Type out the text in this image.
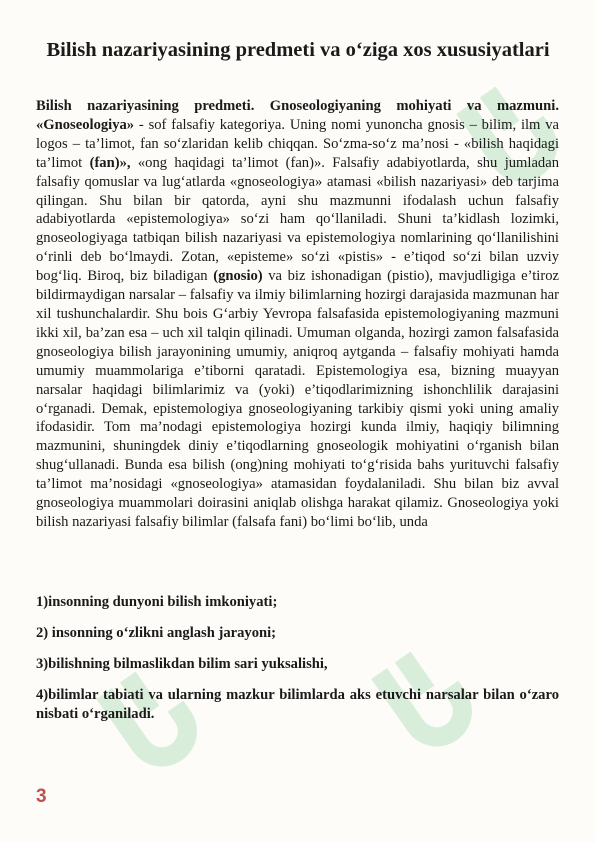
Bilish nazariyasining predmeti va o‘ziga xos xususiyatlari

Bilish nazariyasining predmeti. Gnoseologiyaning mohiyati va mazmuni. «Gnoseologiya» - sof falsafiy kategoriya. Uning nomi yunoncha gnosis – bilim, ilm va logos – ta’limot, fan so‘zlaridan kelib chiqqan. So‘zma-so‘z ma’nosi - «bilish haqidagi ta’limot (fan)», «ong haqidagi ta’limot (fan)». Falsafiy adabiyotlarda, shu jumladan falsafiy qomuslar va lug‘atlarda «gnoseologiya» atamasi «bilish nazariyasi» deb tarjima qilingan. Shu bilan bir qatorda, ayni shu mazmunni ifodalash uchun falsafiy adabiyotlarda «epistemologiya» so‘zi ham qo‘llaniladi. Shuni ta’kidlash lozimki, gnoseologiyaga tatbiqan bilish nazariyasi va epistemologiya nomlarining qo‘llanilishini o‘rinli deb bo‘lmaydi. Zotan, «episteme» so‘zi «pistis» - e’tiqod so‘zi bilan uzviy bog‘liq. Biroq, biz biladigan (gnosio) va biz ishonadigan (pistio), mavjudligiga e’tiroz bildirmaydigan narsalar – falsafiy va ilmiy bilimlarning hozirgi darajasida mazmunan har xil tushunchalardir. Shu bois G‘arbiy Yevropa falsafasida epistemologiyaning mazmuni ikki xil, ba’zan esa – uch xil talqin qilinadi. Umuman olganda, hozirgi zamon falsafasida gnoseologiya bilish jarayonining umumiy, aniqroq aytganda – falsafiy mohiyati hamda umumiy muammolariga e’tiborni qaratadi. Epistemologiya esa, bizning muayyan narsalar haqidagi bilimlarimiz va (yoki) e’tiqodlarimizning ishonchlilik darajasini o‘rganadi. Demak, epistemologiya gnoseologiyaning tarkibiy qismi yoki uning amaliy ifodasidir. Tom ma’nodagi epistemologiya hozirgi kunda ilmiy, haqiqiy bilimning mazmunini, shuningdek diniy e’tiqodlarning gnoseologik mohiyatini o‘rganish bilan shug‘ullanadi. Bunda esa bilish (ong)ning mohiyati to‘g‘risida bahs yurituvchi falsafiy ta’limot ma’nosidagi «gnoseologiya» atamasidan foydalaniladi. Shu bilan biz avval gnoseologiya muammolari doirasini aniqlab olishga harakat qilamiz. Gnoseologiya yoki bilish nazariyasi falsafiy bilimlar (falsafa fani) bo‘limi bo‘lib, unda

1)insonning dunyoni bilish imkoniyati;
2) insonning o‘zlikni anglash jarayoni;
3)bilishning bilmaslikdan bilim sari yuksalishi,
4)bilimlar tabiati va ularning mazkur bilimlarda aks etuvchi narsalar bilan o‘zaro nisbati o‘rganiladi.
3
